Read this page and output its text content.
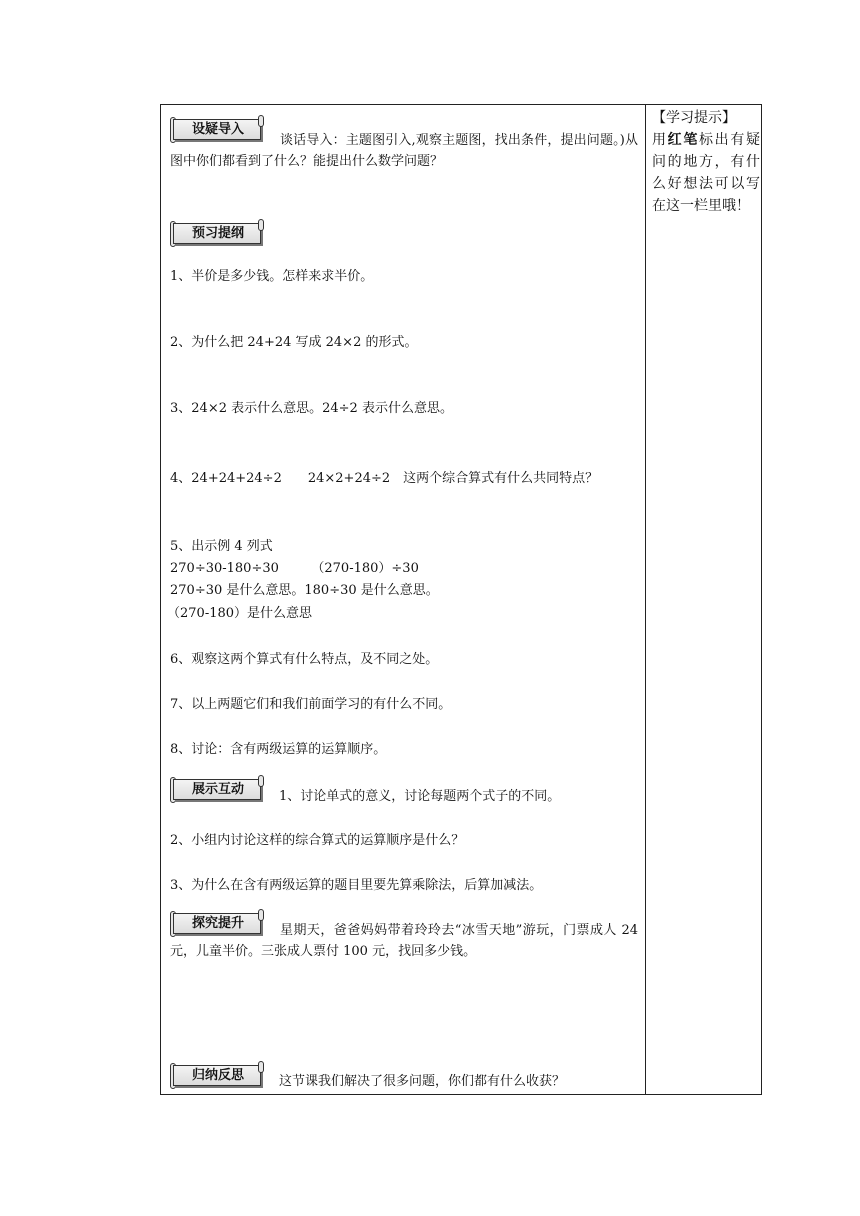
设疑导入
谈话导入：主题图引入,观察主题图，找出条件，提出问题。)从图中你们都看到了什么？能提出什么数学问题？
预习提纲
1、半价是多少钱。怎样来求半价。
2、为什么把 24+24 写成 24×2 的形式。
3、24×2 表示什么意思。24÷2 表示什么意思。
4、24+24+24÷2　　24×2+24÷2　这两个综合算式有什么共同特点？
5、出示例 4 列式
270÷30-180÷30　　　（270-180）÷30
270÷30 是什么意思。180÷30 是什么意思。
（270-180）是什么意思
6、观察这两个算式有什么特点，及不同之处。
7、以上两题它们和我们前面学习的有什么不同。
8、讨论：含有两级运算的运算顺序。
展示互动	1、讨论单式的意义，讨论每题两个式子的不同。
2、小组内讨论这样的综合算式的运算顺序是什么？
3、为什么在含有两级运算的题目里要先算乘除法，后算加减法。
探究提升	星期天，爸爸妈妈带着玲玲去“冰雪天地”游玩，门票成人 24 元，儿童半价。三张成人票付 100 元，找回多少钱。
归纳反思	这节课我们解决了很多问题，你们都有什么收获？
【学习提示】
用红笔标出有疑问的地方，有什么好想法可以写在这一栏里哦！
